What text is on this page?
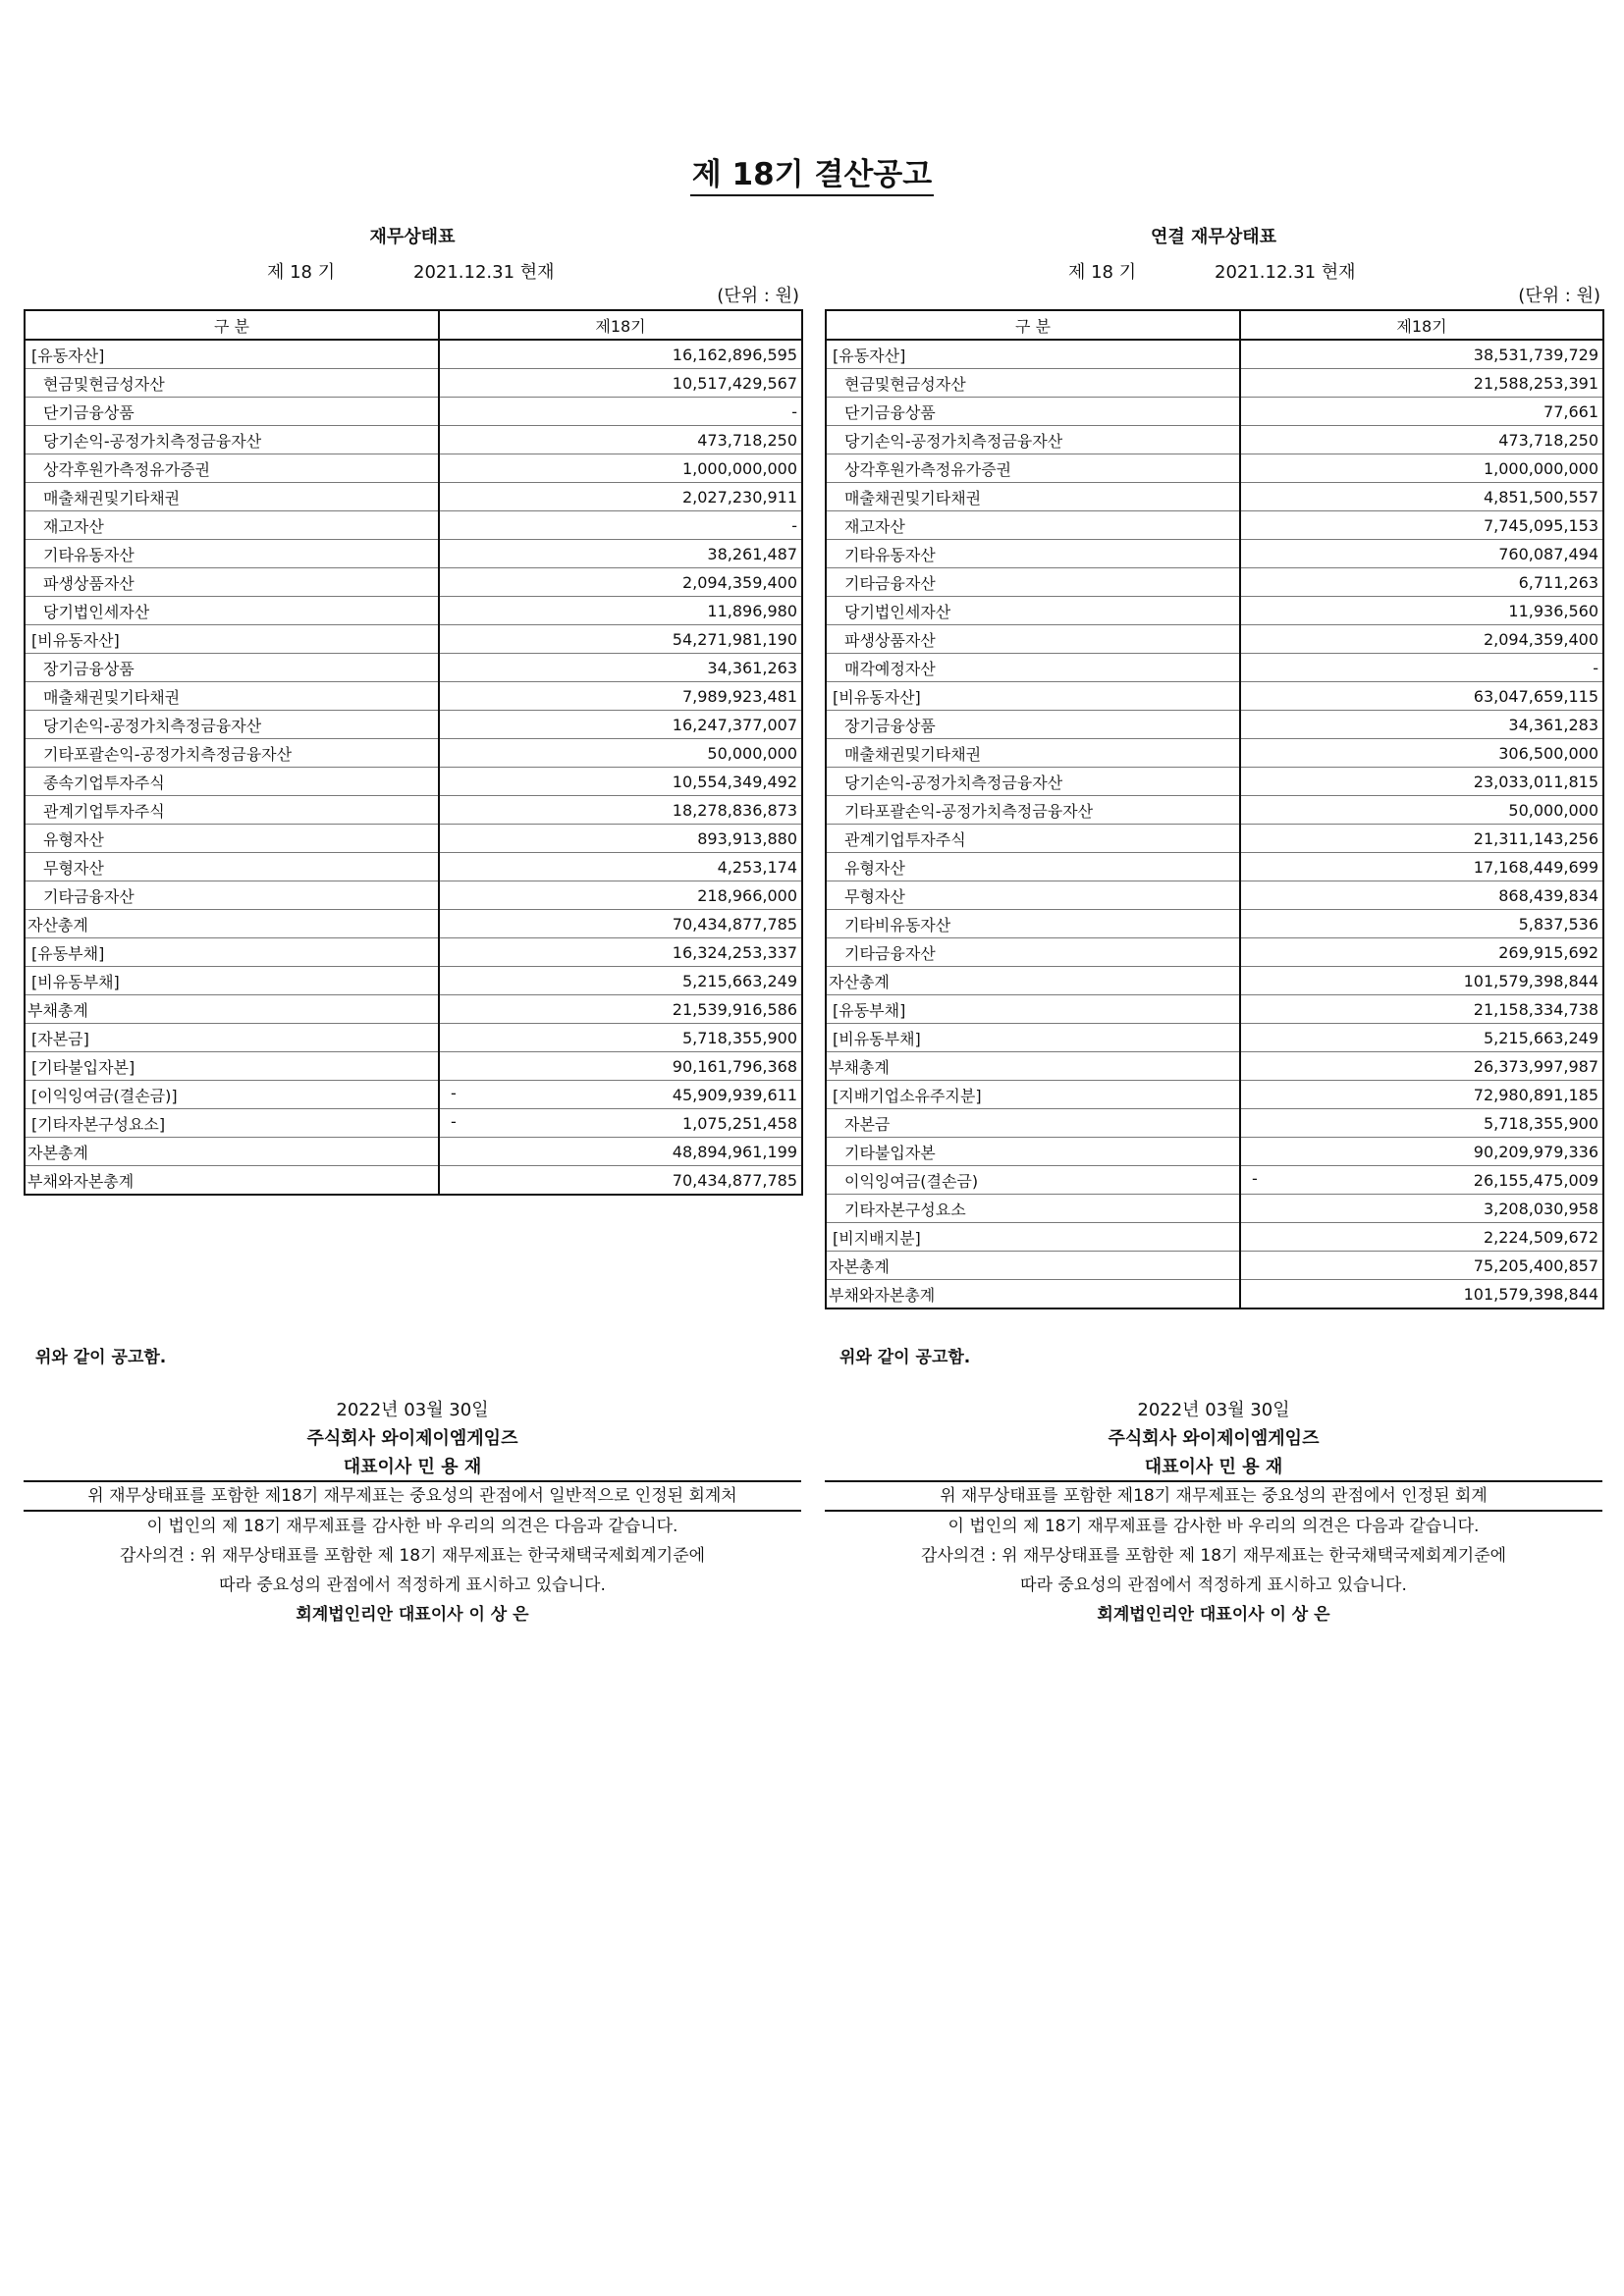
제 18기 결산공고
재무상태표
제 18 기	2021.12.31 현재
(단위 : 원)
구 분	제18기
[유동자산]	16,162,896,595
현금및현금성자산	10,517,429,567
단기금융상품	-
당기손익-공정가치측정금융자산	473,718,250
상각후원가측정유가증권	1,000,000,000
매출채권및기타채권	2,027,230,911
재고자산	-
기타유동자산	38,261,487
파생상품자산	2,094,359,400
당기법인세자산	11,896,980
[비유동자산]	54,271,981,190
장기금융상품	34,361,263
매출채권및기타채권	7,989,923,481
당기손익-공정가치측정금융자산	16,247,377,007
기타포괄손익-공정가치측정금융자산	50,000,000
종속기업투자주식	10,554,349,492
관계기업투자주식	18,278,836,873
유형자산	893,913,880
무형자산	4,253,174
기타금융자산	218,966,000
자산총계	70,434,877,785
[유동부채]	16,324,253,337
[비유동부채]	5,215,663,249
부채총계	21,539,916,586
[자본금]	5,718,355,900
[기타불입자본]	90,161,796,368
[이익잉여금(결손금)]	- 45,909,939,611
[기타자본구성요소]	- 1,075,251,458
자본총계	48,894,961,199
부채와자본총계	70,434,877,785
연결 재무상태표
제 18 기	2021.12.31 현재
(단위 : 원)
구 분	제18기
[유동자산]	38,531,739,729
현금및현금성자산	21,588,253,391
단기금융상품	77,661
당기손익-공정가치측정금융자산	473,718,250
상각후원가측정유가증권	1,000,000,000
매출채권및기타채권	4,851,500,557
재고자산	7,745,095,153
기타유동자산	760,087,494
기타금융자산	6,711,263
당기법인세자산	11,936,560
파생상품자산	2,094,359,400
매각예정자산	-
[비유동자산]	63,047,659,115
장기금융상품	34,361,283
매출채권및기타채권	306,500,000
당기손익-공정가치측정금융자산	23,033,011,815
기타포괄손익-공정가치측정금융자산	50,000,000
관계기업투자주식	21,311,143,256
유형자산	17,168,449,699
무형자산	868,439,834
기타비유동자산	5,837,536
기타금융자산	269,915,692
자산총계	101,579,398,844
[유동부채]	21,158,334,738
[비유동부채]	5,215,663,249
부채총계	26,373,997,987
[지배기업소유주지분]	72,980,891,185
자본금	5,718,355,900
기타불입자본	90,209,979,336
이익잉여금(결손금)	- 26,155,475,009
기타자본구성요소	3,208,030,958
[비지배지분]	2,224,509,672
자본총계	75,205,400,857
부채와자본총계	101,579,398,844
위와 같이 공고함.	위와 같이 공고함.
2022년 03월 30일
주식회사 와이제이엠게임즈
대표이사 민 용 재
2022년 03월 30일
주식회사 와이제이엠게임즈
대표이사 민 용 재
위 재무상태표를 포함한 제18기 재무제표는 중요성의 관점에서 일반적으로 인정된 회계처
이 법인의 제 18기 재무제표를 감사한 바 우리의 의견은 다음과 같습니다.
감사의견 : 위 재무상태표를 포함한 제 18기 재무제표는 한국채택국제회계기준에
따라 중요성의 관점에서 적정하게 표시하고 있습니다.
회계법인리안 대표이사 이 상 은
위 재무상태표를 포함한 제18기 재무제표는 중요성의 관점에서 인정된 회계
이 법인의 제 18기 재무제표를 감사한 바 우리의 의견은 다음과 같습니다.
감사의견 : 위 재무상태표를 포함한 제 18기 재무제표는 한국채택국제회계기준에
따라 중요성의 관점에서 적정하게 표시하고 있습니다.
회계법인리안 대표이사 이 상 은
